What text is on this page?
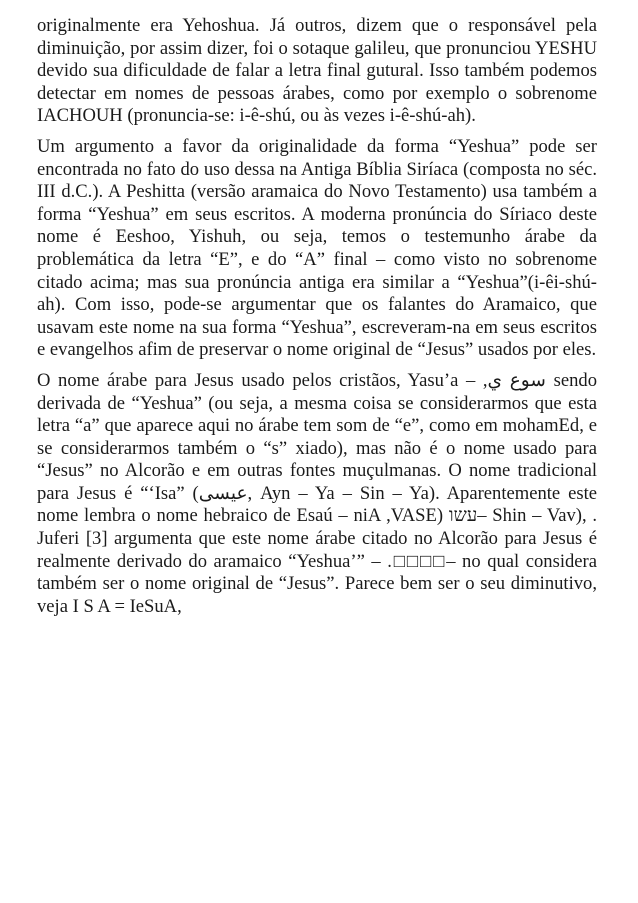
originalmente era Yehoshua. Já outros, dizem que o responsável pela diminuição, por assim dizer, foi o sotaque galileu, que pronunciou YESHU devido sua dificuldade de falar a letra final gutural. Isso também podemos detectar em nomes de pessoas árabes, como por exemplo o sobrenome IACHOUH (pronuncia-se: i-ê-shú, ou às vezes i-ê-shú-ah).

Um argumento a favor da originalidade da forma “Yeshua” pode ser encontrada no fato do uso dessa na Antiga Bíblia Siríaca (composta no séc. III d.C.). A Peshitta (versão aramaica do Novo Testamento) usa também a forma “Yeshua” em seus escritos. A moderna pronúncia do Síriaco deste nome é Eeshoo, Yishuh, ou seja, temos o testemunho árabe da problemática da letra “E”, e do “A” final – como visto no sobrenome citado acima; mas sua pronúncia antiga era similar a “Yeshua”(i-êi-shú-ah). Com isso, pode-se argumentar que os falantes do Aramaico, que usavam este nome na sua forma “Yeshua”, escreveram-na em seus escritos e evangelhos afim de preservar o nome original de “Jesus” usados por eles.

O nome árabe para Jesus usado pelos cristãos, Yasu’a – ,سوع ي sendo derivada de “Yeshua” (ou seja, a mesma coisa se considerarmos que esta letra “a” que aparece aqui no árabe tem som de “e”, como em mohamEd, e se considerarmos também o “s” xiado), mas não é o nome usado para “Jesus” no Alcorão e em outras fontes muçulmanas. O nome tradicional para Jesus é “‘Isa” (عيسى, Ayn – Ya – Sin – Ya). Aparentemente este nome lembra o nome hebraico de Esaú – niA ,VASE) עשו– Shin – Vav), . Juferi [3] argumenta que este nome árabe citado no Alcorão para Jesus é realmente derivado do aramaico “Yeshua’” – .□□□□– no qual considera também ser o nome original de “Jesus”. Parece bem ser o seu diminutivo, veja I S A = IeSuA,
